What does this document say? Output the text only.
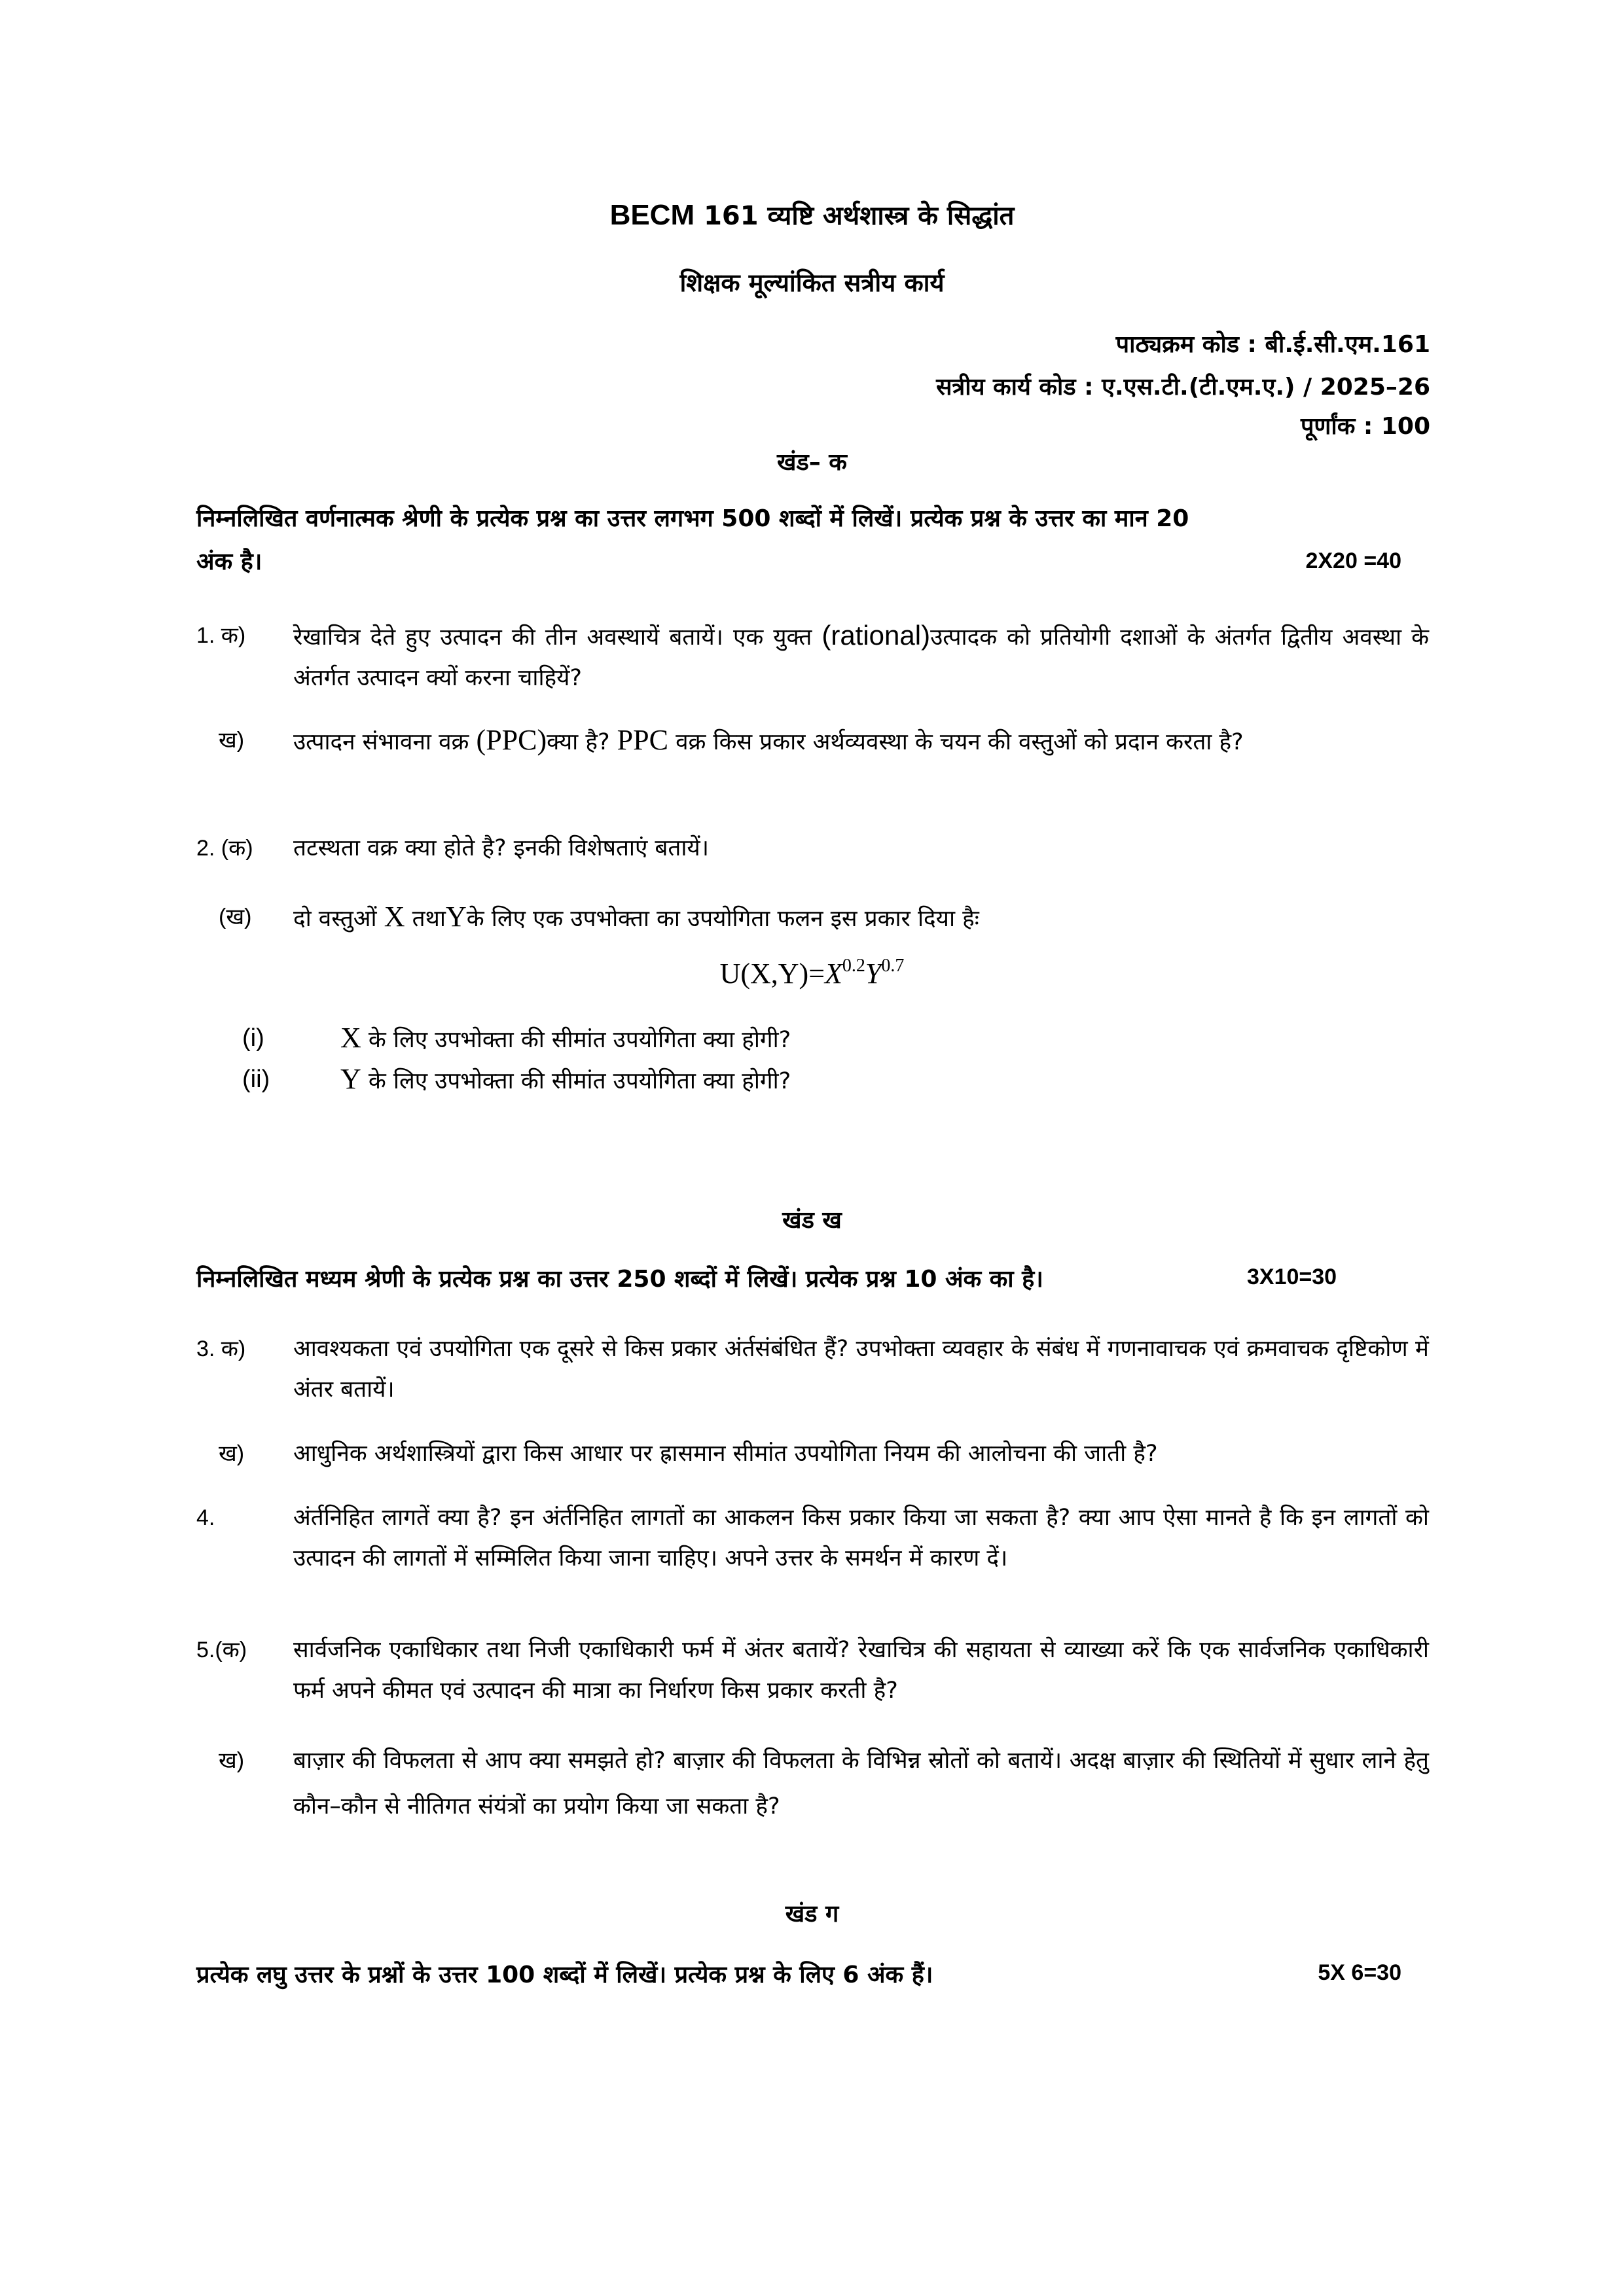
BECM 161 व्यष्टि अर्थशास्त्र के सिद्धांत
शिक्षक मूल्यांकित सत्रीय कार्य
पाठ्यक्रम कोड : बी.ई.सी.एम.161
सत्रीय कार्य कोड : ए.एस.टी.(टी.एम.ए.) / 2025–26
पूर्णांक : 100
खंड– क
निम्नलिखित वर्णनात्मक श्रेणी के प्रत्येक प्रश्न का उत्तर लगभग 500 शब्दों में लिखें। प्रत्येक प्रश्न के उत्तर का मान 20
अंक है।	2X20 =40
1. क)	रेखाचित्र देते हुए उत्पादन की तीन अवस्थायें बतायें। एक युक्त (rational)उत्पादक को प्रतियोगी दशाओं के अंतर्गत द्वितीय अवस्था के अंतर्गत उत्पादन क्यों करना चाहियें?
ख)	उत्पादन संभावना वक्र (PPC)क्या है? PPC वक्र किस प्रकार अर्थव्यवस्था के चयन की वस्तुओं को प्रदान करता है?
2. (क)	तटस्थता वक्र क्या होते है? इनकी विशेषताएं बतायें।
(ख)	दो वस्तुओं X तथाYके लिए एक उपभोक्ता का उपयोगिता फलन इस प्रकार दिया हैः
$U(X,Y)=X^{0.2}Y^{0.7}$
(i)	X के लिए उपभोक्ता की सीमांत उपयोगिता क्या होगी?
(ii) Y के लिए उपभोक्ता की सीमांत उपयोगिता क्या होगी?
खंड ख
निम्नलिखित मध्यम श्रेणी के प्रत्येक प्रश्न का उत्तर 250 शब्दों में लिखें। प्रत्येक प्रश्न 10 अंक का है।	3X10=30
3. क)	आवश्यकता एवं उपयोगिता एक दूसरे से किस प्रकार अंर्तसंबंधित हैं? उपभोक्ता व्यवहार के संबंध में गणनावाचक एवं क्रमवाचक दृष्टिकोण में अंतर बतायें।
ख)	आधुनिक अर्थशास्त्रियों द्वारा किस आधार पर ह्रासमान सीमांत उपयोगिता नियम की आलोचना की जाती है?
4.	अंर्तनिहित लागतें क्या है? इन अंर्तनिहित लागतों का आकलन किस प्रकार किया जा सकता है? क्या आप ऐसा मानते है कि इन लागतों को उत्पादन की लागतों में सम्मिलित किया जाना चाहिए। अपने उत्तर के समर्थन में कारण दें।
5.(क)	सार्वजनिक एकाधिकार तथा निजी एकाधिकारी फर्म में अंतर बतायें? रेखाचित्र की सहायता से व्याख्या करें कि एक सार्वजनिक एकाधिकारी फर्म अपने कीमत एवं उत्पादन की मात्रा का निर्धारण किस प्रकार करती है?
ख)	बाज़ार की विफलता से आप क्या समझते हो? बाज़ार की विफलता के विभिन्न स्रोतों को बतायें। अदक्ष बाज़ार की स्थितियों में सुधार लाने हेतु कौन–कौन से नीतिगत संयंत्रों का प्रयोग किया जा सकता है?
खंड ग
प्रत्येक लघु उत्तर के प्रश्नों के उत्तर 100 शब्दों में लिखें। प्रत्येक प्रश्न के लिए 6 अंक हैं।	5X 6=30
